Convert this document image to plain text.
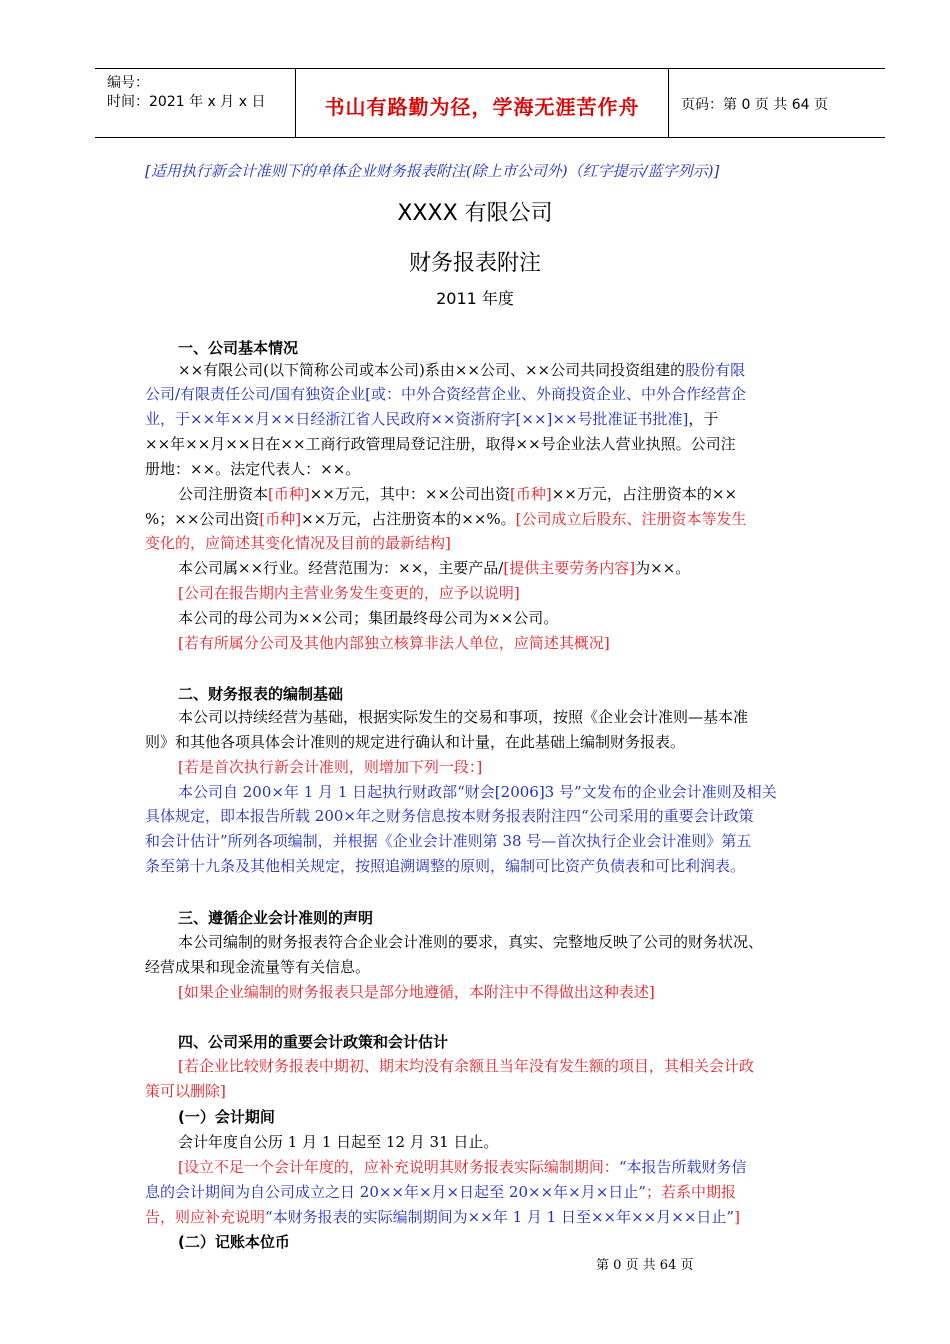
编号：
时间：2021 年 x 月 x 日	书山有路勤为径，学海无涯苦作舟	页码：第 0 页 共 64 页
[适用执行新会计准则下的单体企业财务报表附注(除上市公司外)（红字提示/蓝字列示)]
XXXX 有限公司
财务报表附注
2011 年度
一、公司基本情况
××有限公司(以下简称公司或本公司)系由××公司、××公司共同投资组建的股份有限
公司/有限责任公司/国有独资企业[或：中外合资经营企业、外商投资企业、中外合作经营企
业，于××年××月××日经浙江省人民政府××资浙府字[××]××号批准证书批准]，于
××年××月××日在××工商行政管理局登记注册，取得××号企业法人营业执照。公司注
册地：××。法定代表人：××。
公司注册资本[币种]××万元，其中：××公司出资[币种]××万元，占注册资本的××
%；××公司出资[币种]××万元，占注册资本的××%。[公司成立后股东、注册资本等发生
变化的，应简述其变化情况及目前的最新结构]
本公司属××行业。经营范围为：××，主要产品/[提供主要劳务内容]为××。
[公司在报告期内主营业务发生变更的，应予以说明]
本公司的母公司为××公司；集团最终母公司为××公司。
[若有所属分公司及其他内部独立核算非法人单位，应简述其概况]
二、财务报表的编制基础
本公司以持续经营为基础，根据实际发生的交易和事项，按照《企业会计准则—基本准
则》和其他各项具体会计准则的规定进行确认和计量，在此基础上编制财务报表。
[若是首次执行新会计准则，则增加下列一段：]
本公司自 200×年 1 月 1 日起执行财政部“财会[2006]3 号”文发布的企业会计准则及相关
具体规定，即本报告所载 200×年之财务信息按本财务报表附注四“公司采用的重要会计政策
和会计估计”所列各项编制，并根据《企业会计准则第 38 号—首次执行企业会计准则》第五
条至第十九条及其他相关规定，按照追溯调整的原则，编制可比资产负债表和可比利润表。
三、遵循企业会计准则的声明
本公司编制的财务报表符合企业会计准则的要求，真实、完整地反映了公司的财务状况、
经营成果和现金流量等有关信息。
[如果企业编制的财务报表只是部分地遵循，本附注中不得做出这种表述]
四、公司采用的重要会计政策和会计估计
[若企业比较财务报表中期初、期末均没有余额且当年没有发生额的项目，其相关会计政
策可以删除]
(一）会计期间
会计年度自公历 1 月 1 日起至 12 月 31 日止。
[设立不足一个会计年度的，应补充说明其财务报表实际编制期间：“本报告所载财务信
息的会计期间为自公司成立之日 20××年×月×日起至 20××年×月×日止”；若系中期报
告，则应补充说明“本财务报表的实际编制期间为××年 1 月 1 日至××年××月××日止”]
(二）记账本位币
第 0 页 共 64 页
